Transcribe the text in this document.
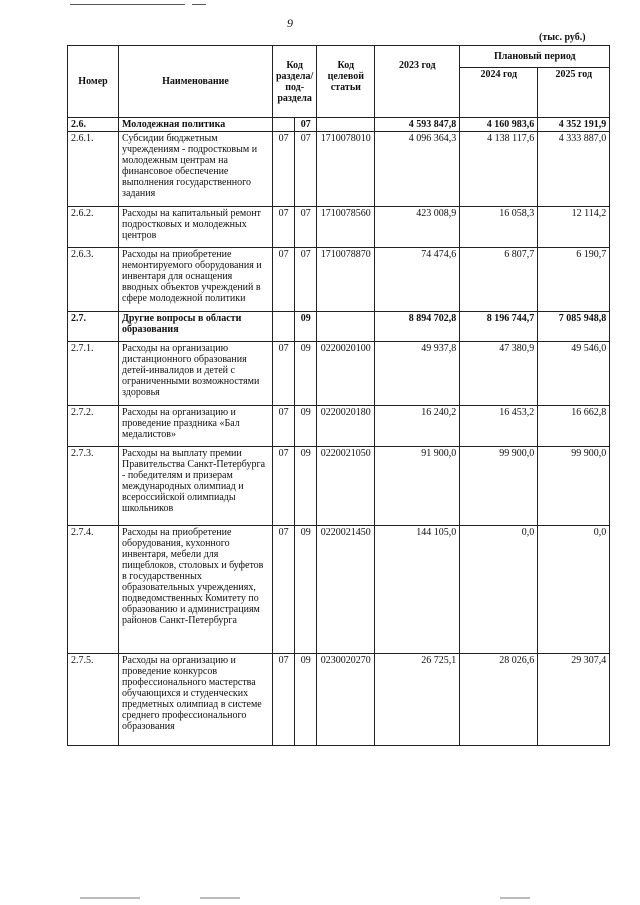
9
(тыс. руб.)
Номер	Наименование	Код раздела/ под-раздела		Код целевой статьи	2023 год	Плановый период	
						2024 год	2025 год
2.6.	Молодежная политика		07		4 593 847,8	4 160 983,6	4 352 191,9
2.6.1.	Субсидии бюджетным учреждениям - подростковым и молодежным центрам на финансовое обеспечение выполнения государственного задания	07	07	1710078010	4 096 364,3	4 138 117,6	4 333 887,0
2.6.2.	Расходы на капитальный ремонт подростковых и молодежных центров	07	07	1710078560	423 008,9	16 058,3	12 114,2
2.6.3.	Расходы на приобретение немонтируемого оборудования и инвентаря для оснащения вводных объектов учреждений в сфере молодежной политики	07	07	1710078870	74 474,6	6 807,7	6 190,7
2.7.	Другие вопросы в области образования		09		8 894 702,8	8 196 744,7	7 085 948,8
2.7.1.	Расходы на организацию дистанционного образования детей-инвалидов и детей с ограниченными возможностями здоровья	07	09	0220020100	49 937,8	47 380,9	49 546,0
2.7.2.	Расходы на организацию и проведение праздника «Бал медалистов»	07	09	0220020180	16 240,2	16 453,2	16 662,8
2.7.3.	Расходы на выплату премии Правительства Санкт-Петербурга - победителям и призерам международных олимпиад и всероссийской олимпиады школьников	07	09	0220021050	91 900,0	99 900,0	99 900,0
2.7.4.	Расходы на приобретение оборудования, кухонного инвентаря, мебели для пищеблоков, столовых и буфетов в государственных образовательных учреждениях, подведомственных Комитету по образованию и администрациям районов Санкт-Петербурга	07	09	0220021450	144 105,0	0,0	0,0
2.7.5.	Расходы на организацию и проведение конкурсов профессионального мастерства обучающихся и студенческих предметных олимпиад в системе среднего профессионального образования	07	09	0230020270	26 725,1	28 026,6	29 307,4
